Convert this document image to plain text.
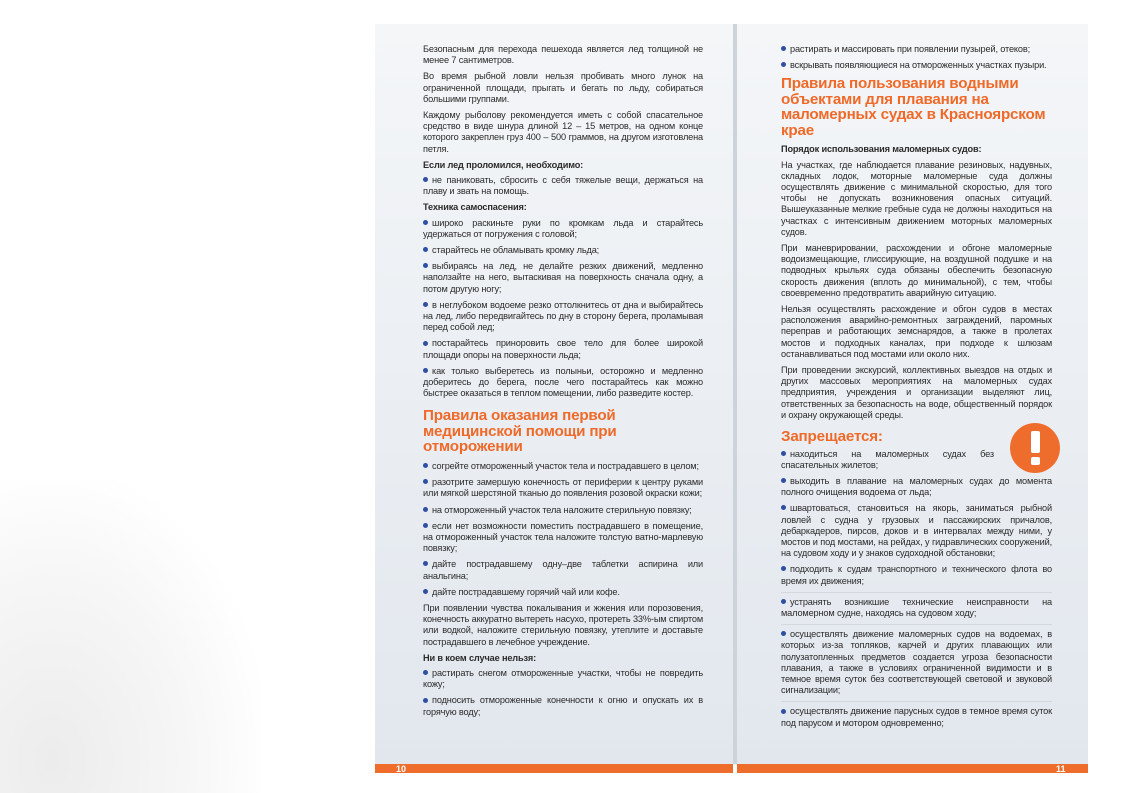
Безопасным для перехода пешехода является лед толщиной не менее 7 сантиметров.

Во время рыбной ловли нельзя пробивать много лунок на ограниченной площади, прыгать и бегать по льду, собираться большими группами.

Каждому рыболову рекомендуется иметь с собой спасательное средство в виде шнура длиной 12 – 15 метров, на одном конце которого закреплен груз 400 – 500 граммов, на другом изготовлена петля.

Если лед проломился, необходимо:

не паниковать, сбросить с себя тяжелые вещи, держаться на плаву и звать на помощь.

Техника самоспасения:

широко раскиньте руки по кромкам льда и старайтесь удержаться от погружения с головой;

старайтесь не обламывать кромку льда;

выбираясь на лед, не делайте резких движений, медленно наползайте на него, вытаскивая на поверхность сначала одну, а потом другую ногу;

в неглубоком водоеме резко оттолкнитесь от дна и выбирайтесь на лед, либо передвигайтесь по дну в сторону берега, проламывая перед собой лед;

постарайтесь приноровить свое тело для более широкой площади опоры на поверхности льда;

как только выберетесь из полыньи, осторожно и медленно доберитесь до берега, после чего постарайтесь как можно быстрее оказаться в теплом помещении, либо разведите костер.

Правила оказания первой медицинской помощи при отморожении

согрейте отмороженный участок тела и пострадавшего в целом;

разотрите замершую конечность от периферии к центру руками или мягкой шерстяной тканью до появления розовой окраски кожи;

на отмороженный участок тела наложите стерильную повязку;

если нет возможности поместить пострадавшего в помещение, на отмороженный участок тела наложите толстую ватно-марлевую повязку;

дайте пострадавшему одну–две таблетки аспирина или анальгина;

дайте пострадавшему горячий чай или кофе.

При появлении чувства покалывания и жжения или порозовения, конечность аккуратно вытереть насухо, протереть 33%-ым спиртом или водкой, наложите стерильную повязку, утеплите и доставьте пострадавшего в лечебное учреждение.

Ни в коем случае нельзя:

растирать снегом отмороженные участки, чтобы не повредить кожу;

подносить отмороженные конечности к огню и опускать их в горячую воду;

растирать и массировать при появлении пузырей, отеков;

вскрывать появляющиеся на отмороженных участках пузыри.

Правила пользования водными объектами для плавания на маломерных судах в Красноярском крае

Порядок использования маломерных судов:

На участках, где наблюдается плавание резиновых, надувных, складных лодок, моторные маломерные суда должны осуществлять движение с минимальной скоростью, для того чтобы не допускать возникновения опасных ситуаций. Вышеуказанные мелкие гребные суда не должны находиться на участках с интенсивным движением моторных маломерных судов.

При маневрировании, расхождении и обгоне маломерные водоизмещающие, глиссирующие, на воздушной подушке и на подводных крыльях суда обязаны обеспечить безопасную скорость движения (вплоть до минимальной), с тем, чтобы своевременно предотвратить аварийную ситуацию.

Нельзя осуществлять расхождение и обгон судов в местах расположения аварийно-ремонтных заграждений, паромных переправ и работающих земснарядов, а также в пролетах мостов и подходных каналах, при подходе к шлюзам останавливаться под мостами или около них.

При проведении экскурсий, коллективных выездов на отдых и других массовых мероприятиях на маломерных судах предприятия, учреждения и организации выделяют лиц, ответственных за безопасность на воде, общественный порядок и охрану окружающей среды.

Запрещается:

находиться на маломерных судах без спасательных жилетов;

выходить в плавание на маломерных судах до момента полного очищения водоема от льда;

швартоваться, становиться на якорь, заниматься рыбной ловлей с судна у грузовых и пассажирских причалов, дебаркадеров, пирсов, доков и в интервалах между ними, у мостов и под мостами, на рейдах, у гидравлических сооружений, на судовом ходу и у знаков судоходной обстановки;

подходить к судам транспортного и технического флота во время их движения;

устранять возникшие технические неисправности на маломерном судне, находясь на судовом ходу;

осуществлять движение маломерных судов на водоемах, в которых из-за топляков, карчей и других плавающих или полузатопленных предметов создается угроза безопасности плавания, а также в условиях ограниченной видимости и в темное время суток без соответствующей световой и звуковой сигнализации;

осуществлять движение парусных судов в темное время суток под парусом и мотором одновременно;

10	11
